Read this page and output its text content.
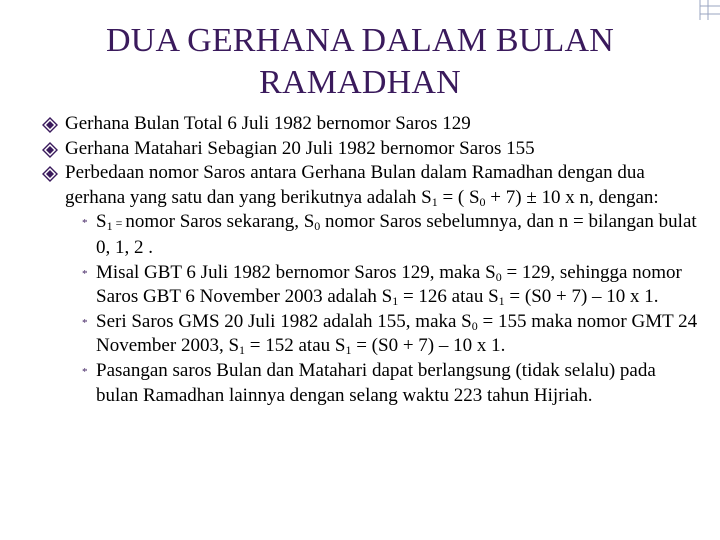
DUA GERHANA DALAM BULAN
RAMADHAN
Gerhana Bulan Total 6 Juli 1982 bernomor Saros 129
Gerhana Matahari Sebagian 20 Juli 1982 bernomor Saros 155
Perbedaan nomor Saros antara Gerhana Bulan dalam Ramadhan dengan dua gerhana yang satu dan yang berikutnya adalah $S_1$ = ( $S_0 + 7) \pm 10$ x n, dengan:
* $S_1$ = nomor Saros sekarang, $S_0$ nomor Saros sebelumnya, dan n = bilangan bulat 0, 1, 2 .
* Misal GBT 6 Juli 1982 bernomor Saros 129, maka $S_0 = 129$, sehingga nomor Saros GBT 6 November 2003 adalah $S_1 = 126$ atau $S_1 = (S0 + 7) - 10$ x 1.
* Seri Saros GMS 20 Juli 1982 adalah 155, maka $S_0 = 155$ maka nomor GMT 24 November 2003, $S_1 = 152$ atau $S_1 = (S0 + 7) - 10$ x 1.
* Pasangan saros Bulan dan Matahari dapat berlangsung (tidak selalu) pada bulan Ramadhan lainnya dengan selang waktu 223 tahun Hijriah.
